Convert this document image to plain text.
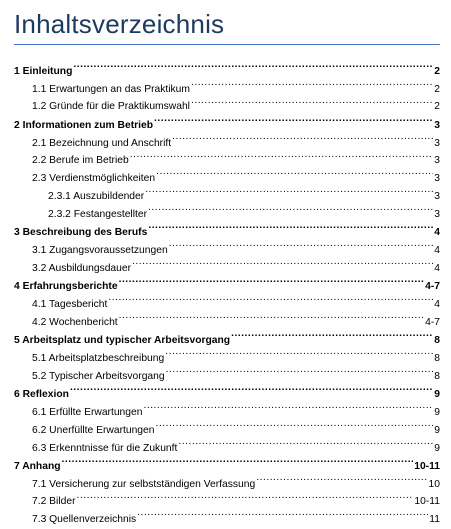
Inhaltsverzeichnis
1 Einleitung .....	2
1.1 Erwartungen an das Praktikum .....	2
1.2 Gründe für die Praktikumswahl .....	2
2 Informationen zum Betrieb .....	3
2.1 Bezeichnung und Anschrift .....	3
2.2 Berufe im Betrieb .....	3
2.3 Verdienstmöglichkeiten .....	3
2.3.1 Auszubildender .....	3
2.3.2 Festangestellter .....	3
3 Beschreibung des Berufs .....	4
3.1 Zugangsvoraussetzungen .....	4
3.2 Ausbildungsdauer .....	4
4 Erfahrungsberichte .....	4-7
4.1 Tagesbericht .....	4
4.2 Wochenbericht .....	4-7
5 Arbeitsplatz und typischer Arbeitsvorgang .....	8
5.1 Arbeitsplatzbeschreibung .....	8
5.2 Typischer Arbeitsvorgang .....	8
6 Reflexion .....	9
6.1 Erfüllte Erwartungen .....	9
6.2 Unerfüllte Erwartungen .....	9
6.3 Erkenntnisse für die Zukunft .....	9
7 Anhang .....	10-11
7.1 Versicherung zur selbstständigen Verfassung .....	10
7.2 Bilder .....	10-11
7.3 Quellenverzeichnis .....	11
